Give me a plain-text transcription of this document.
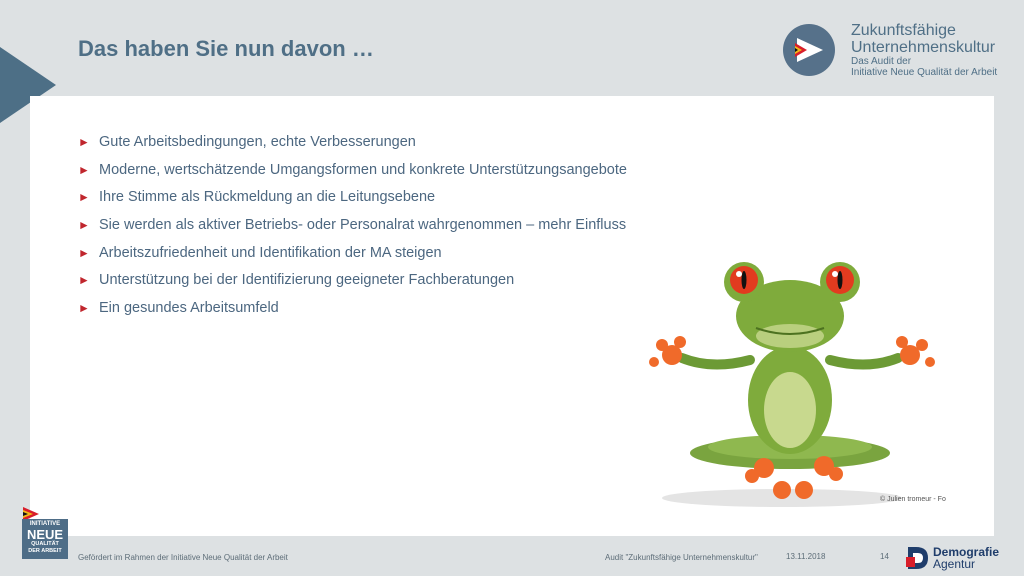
Das haben Sie nun davon …
Zukunftsfähige
Unternehmenskultur
Das Audit der
Initiative Neue Qualität der Arbeit
► Gute Arbeitsbedingungen, echte Verbesserungen
► Moderne, wertschätzende Umgangsformen und konkrete Unterstützungsangebote
► Ihre Stimme als Rückmeldung an die Leitungsebene
► Sie werden als aktiver Betriebs- oder Personalrat wahrgenommen – mehr Einfluss
► Arbeitszufriedenheit und Identifikation der MA steigen
► Unterstützung bei der Identifizierung geeigneter Fachberatungen
► Ein gesundes Arbeitsumfeld
© Julien tromeur - Fo
INITIATIVE
NEUE
QUALITÄT
DER ARBEIT
Gefördert im Rahmen der Initiative Neue Qualität der Arbeit	Audit "Zukunftsfähige Unternehmenskultur"	13.11.2018	14	Demografie
Agentur
